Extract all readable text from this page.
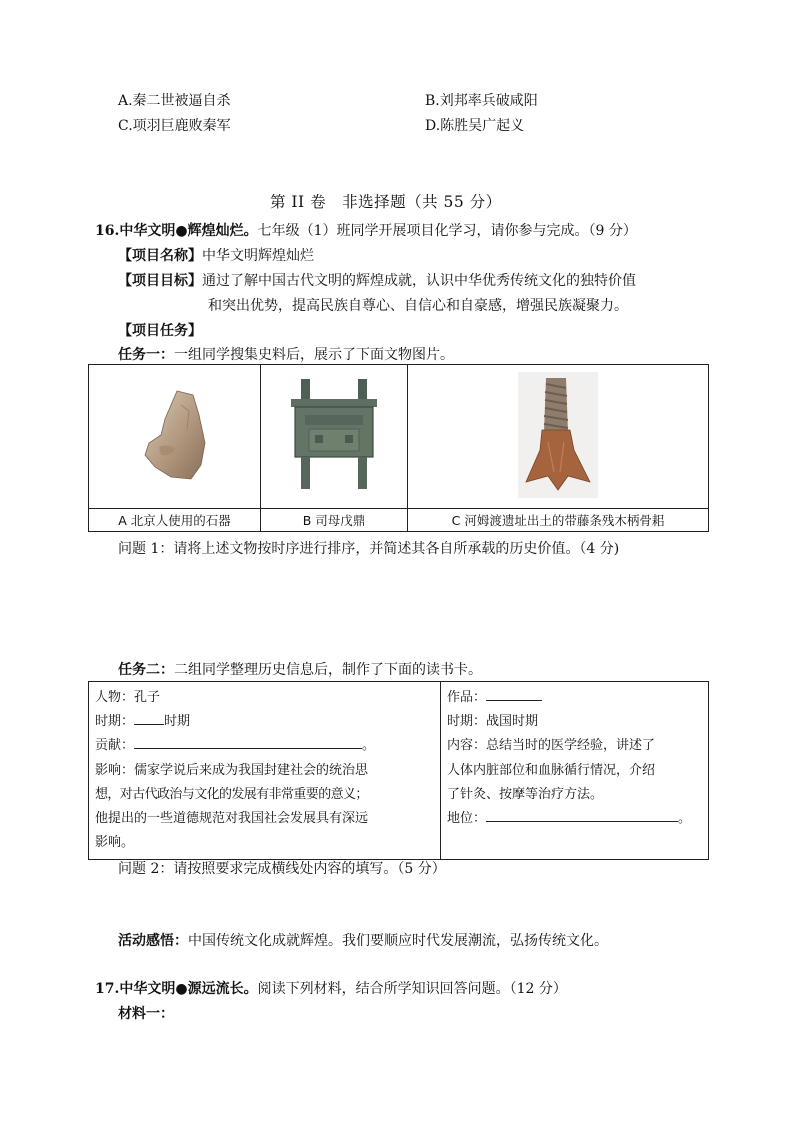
A.秦二世被逼自杀	B.刘邦率兵破咸阳
C.项羽巨鹿败秦军	D.陈胜吴广起义
第 II 卷　非选择题（共 55 分）
16.中华文明●辉煌灿烂。七年级（1）班同学开展项目化学习，请你参与完成。（9 分）
【项目名称】中华文明辉煌灿烂
【项目目标】通过了解中国古代文明的辉煌成就，认识中华优秀传统文化的独特价值
和突出优势，提高民族自尊心、自信心和自豪感，增强民族凝聚力。
【项目任务】
任务一：一组同学搜集史料后，展示了下面文物图片。

A 北京人使用的石器	B 司母戊鼎	C 河姆渡遗址出土的带藤条残木柄骨耜
问题 1：请将上述文物按时序进行排序，并简述其各自所承载的历史价值。（4 分)
任务二：二组同学整理历史信息后，制作了下面的读书卡。
人物：孔子
时期： 时期
贡献：	。
影响：儒家学说后来成为我国封建社会的统治思
想，对古代政治与文化的发展有非常重要的意义；
他提出的一些道德规范对我国社会发展具有深远
影响。

作品：
时期：战国时期
内容：总结当时的医学经验，讲述了
人体内脏部位和血脉循行情况，介绍
了针灸、按摩等治疗方法。
地位：	。
问题 2：请按照要求完成横线处内容的填写。（5 分）
活动感悟：中国传统文化成就辉煌。我们要顺应时代发展潮流，弘扬传统文化。
17.中华文明●源远流长。阅读下列材料，结合所学知识回答问题。（12 分）
材料一：
